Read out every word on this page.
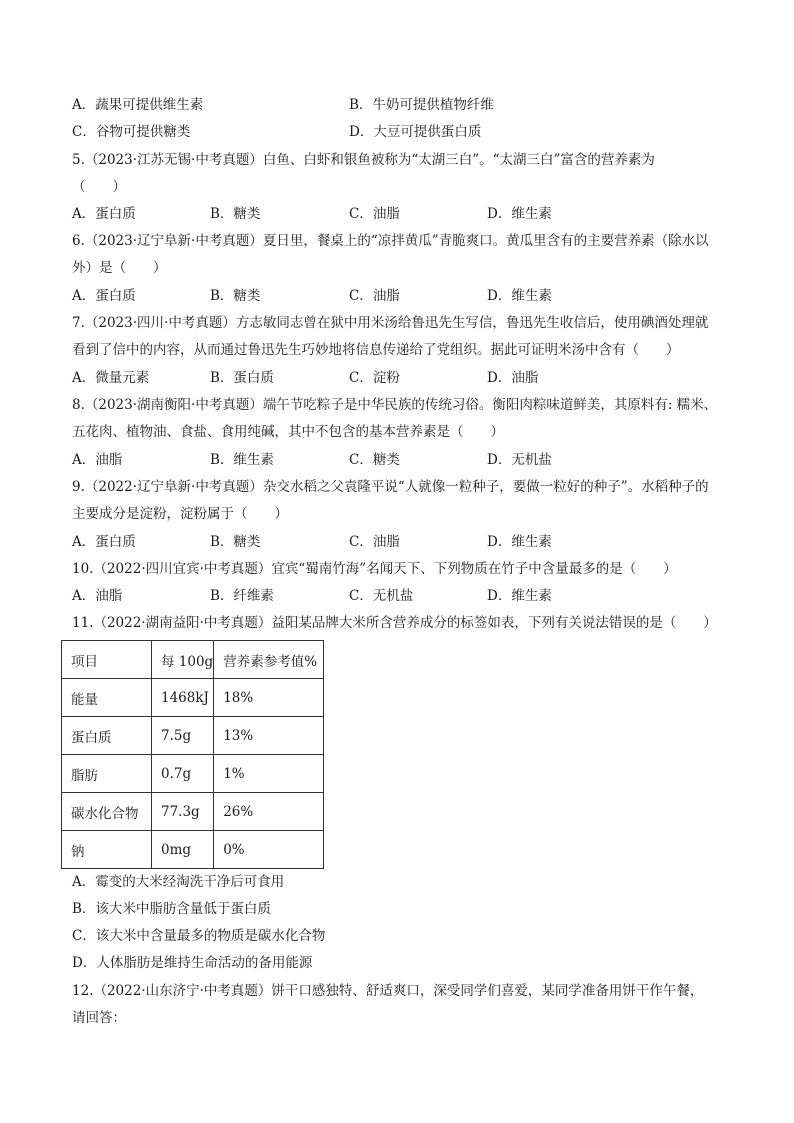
A．蔬果可提供维生素	B．牛奶可提供植物纤维
C．谷物可提供糖类	D．大豆可提供蛋白质
5.（2023·江苏无锡·中考真题）白鱼、白虾和银鱼被称为“太湖三白”。“太湖三白”富含的营养素为
（　　）
A．蛋白质	B．糖类	C．油脂	D．维生素
6.（2023·辽宁阜新·中考真题）夏日里，餐桌上的“凉拌黄瓜”青脆爽口。黄瓜里含有的主要营养素（除水以
外）是（　　）
A．蛋白质	B．糖类	C．油脂	D．维生素
7.（2023·四川·中考真题）方志敏同志曾在狱中用米汤给鲁迅先生写信，鲁迅先生收信后，使用碘酒处理就
看到了信中的内容，从而通过鲁迅先生巧妙地将信息传递给了党组织。据此可证明米汤中含有（　　）
A．微量元素	B．蛋白质	C．淀粉	D．油脂
8.（2023·湖南衡阳·中考真题）端午节吃粽子是中华民族的传统习俗。衡阳肉粽味道鲜美，其原料有: 糯米、
五花肉、植物油、食盐、食用纯碱，其中不包含的基本营养素是（　　）
A．油脂	B．维生素	C．糖类	D．无机盐
9.（2022·辽宁阜新·中考真题）杂交水稻之父袁隆平说“人就像一粒种子，要做一粒好的种子”。水稻种子的
主要成分是淀粉，淀粉属于（　　）
A．蛋白质	B．糖类	C．油脂	D．维生素
10.（2022·四川宜宾·中考真题）宜宾“蜀南竹海”名闻天下、下列物质在竹子中含量最多的是（　　）
A．油脂	B．纤维素	C．无机盐	D．维生素
11.（2022·湖南益阳·中考真题）益阳某品牌大米所含营养成分的标签如表，下列有关说法错误的是（　　）
项目	每 100g	营养素参考值%
能量	1468kJ	18%
蛋白质	7.5g	13%
脂肪	0.7g	1%
碳水化合物	77.3g	26%
钠	0mg	0%
A．霉变的大米经淘洗干净后可食用
B．该大米中脂肪含量低于蛋白质
C．该大米中含量最多的物质是碳水化合物
D．人体脂肪是维持生命活动的备用能源
12.（2022·山东济宁·中考真题）饼干口感独特、舒适爽口，深受同学们喜爱，某同学准备用饼干作午餐，
请回答：
